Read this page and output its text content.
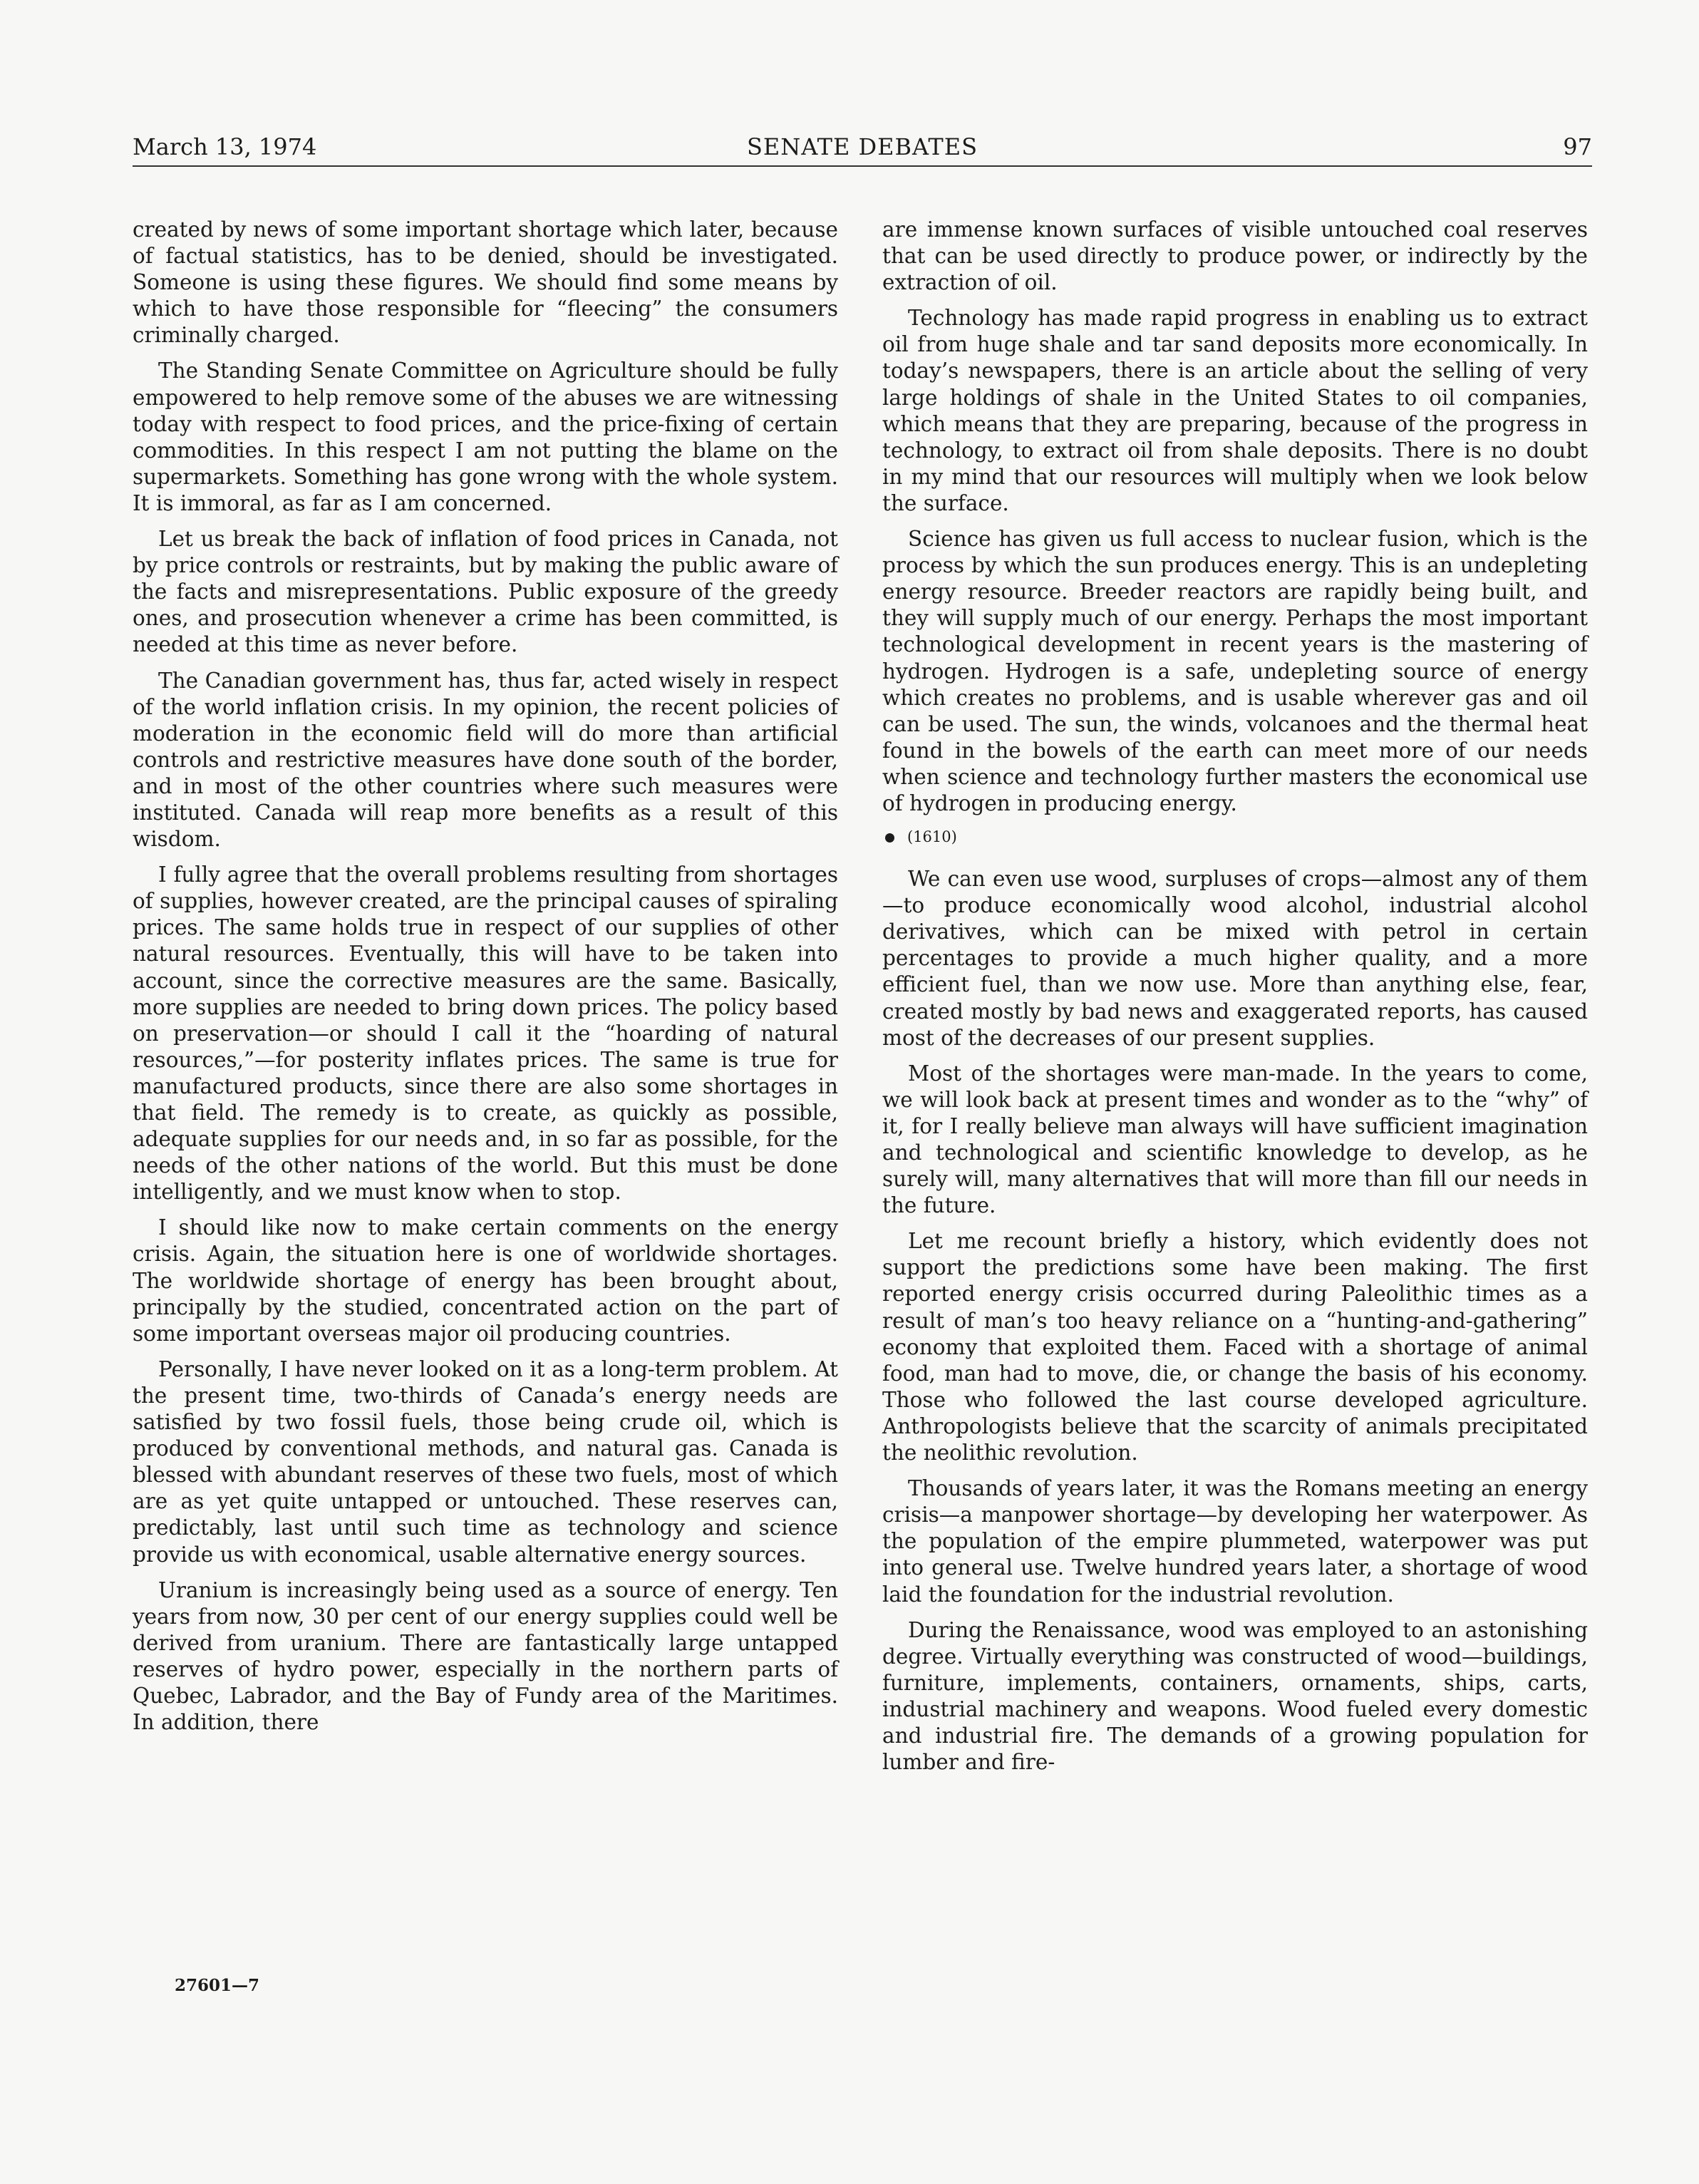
March 13, 1974	SENATE DEBATES	97

created by news of some important shortage which later, because of factual statistics, has to be denied, should be investigated. Someone is using these figures. We should find some means by which to have those responsible for “fleecing” the consumers criminally charged.

The Standing Senate Committee on Agriculture should be fully empowered to help remove some of the abuses we are witnessing today with respect to food prices, and the price-fixing of certain commodities. In this respect I am not putting the blame on the supermarkets. Something has gone wrong with the whole system. It is immoral, as far as I am concerned.

Let us break the back of inflation of food prices in Canada, not by price controls or restraints, but by making the public aware of the facts and misrepresentations. Public exposure of the greedy ones, and prosecution whenever a crime has been committed, is needed at this time as never before.

The Canadian government has, thus far, acted wisely in respect of the world inflation crisis. In my opinion, the recent policies of moderation in the economic field will do more than artificial controls and restrictive measures have done south of the border, and in most of the other countries where such measures were instituted. Canada will reap more benefits as a result of this wisdom.

I fully agree that the overall problems resulting from shortages of supplies, however created, are the principal causes of spiraling prices. The same holds true in respect of our supplies of other natural resources. Eventually, this will have to be taken into account, since the corrective measures are the same. Basically, more supplies are needed to bring down prices. The policy based on preservation—or should I call it the “hoarding of natural resources,”—for posterity inflates prices. The same is true for manufactured products, since there are also some shortages in that field. The remedy is to create, as quickly as possible, adequate supplies for our needs and, in so far as possible, for the needs of the other nations of the world. But this must be done intelligently, and we must know when to stop.

I should like now to make certain comments on the energy crisis. Again, the situation here is one of worldwide shortages. The worldwide shortage of energy has been brought about, principally by the studied, concentrated action on the part of some important overseas major oil producing countries.

Personally, I have never looked on it as a long-term problem. At the present time, two-thirds of Canada’s energy needs are satisfied by two fossil fuels, those being crude oil, which is produced by conventional methods, and natural gas. Canada is blessed with abundant reserves of these two fuels, most of which are as yet quite untapped or untouched. These reserves can, predictably, last until such time as technology and science provide us with economical, usable alternative energy sources.

Uranium is increasingly being used as a source of energy. Ten years from now, 30 per cent of our energy supplies could well be derived from uranium. There are fantastically large untapped reserves of hydro power, especially in the northern parts of Quebec, Labrador, and the Bay of Fundy area of the Maritimes. In addition, there

are immense known surfaces of visible untouched coal reserves that can be used directly to produce power, or indirectly by the extraction of oil.

Technology has made rapid progress in enabling us to extract oil from huge shale and tar sand deposits more economically. In today’s newspapers, there is an article about the selling of very large holdings of shale in the United States to oil companies, which means that they are preparing, because of the progress in technology, to extract oil from shale deposits. There is no doubt in my mind that our resources will multiply when we look below the surface.

Science has given us full access to nuclear fusion, which is the process by which the sun produces energy. This is an undepleting energy resource. Breeder reactors are rapidly being built, and they will supply much of our energy. Perhaps the most important technological development in recent years is the mastering of hydrogen. Hydrogen is a safe, undepleting source of energy which creates no problems, and is usable wherever gas and oil can be used. The sun, the winds, volcanoes and the thermal heat found in the bowels of the earth can meet more of our needs when science and technology further masters the economical use of hydrogen in producing energy.

(1610)

We can even use wood, surpluses of crops—almost any of them—to produce economically wood alcohol, industrial alcohol derivatives, which can be mixed with petrol in certain percentages to provide a much higher quality, and a more efficient fuel, than we now use. More than anything else, fear, created mostly by bad news and exaggerated reports, has caused most of the decreases of our present supplies.

Most of the shortages were man-made. In the years to come, we will look back at present times and wonder as to the “why” of it, for I really believe man always will have sufficient imagination and technological and scientific knowledge to develop, as he surely will, many alternatives that will more than fill our needs in the future.

Let me recount briefly a history, which evidently does not support the predictions some have been making. The first reported energy crisis occurred during Paleolithic times as a result of man’s too heavy reliance on a “hunting-and-gathering” economy that exploited them. Faced with a shortage of animal food, man had to move, die, or change the basis of his economy. Those who followed the last course developed agriculture. Anthropologists believe that the scarcity of animals precipitated the neolithic revolution.

Thousands of years later, it was the Romans meeting an energy crisis—a manpower shortage—by developing her waterpower. As the population of the empire plummeted, waterpower was put into general use. Twelve hundred years later, a shortage of wood laid the foundation for the industrial revolution.

During the Renaissance, wood was employed to an astonishing degree. Virtually everything was constructed of wood—buildings, furniture, implements, containers, ornaments, ships, carts, industrial machinery and weapons. Wood fueled every domestic and industrial fire. The demands of a growing population for lumber and fire-

27601—7
